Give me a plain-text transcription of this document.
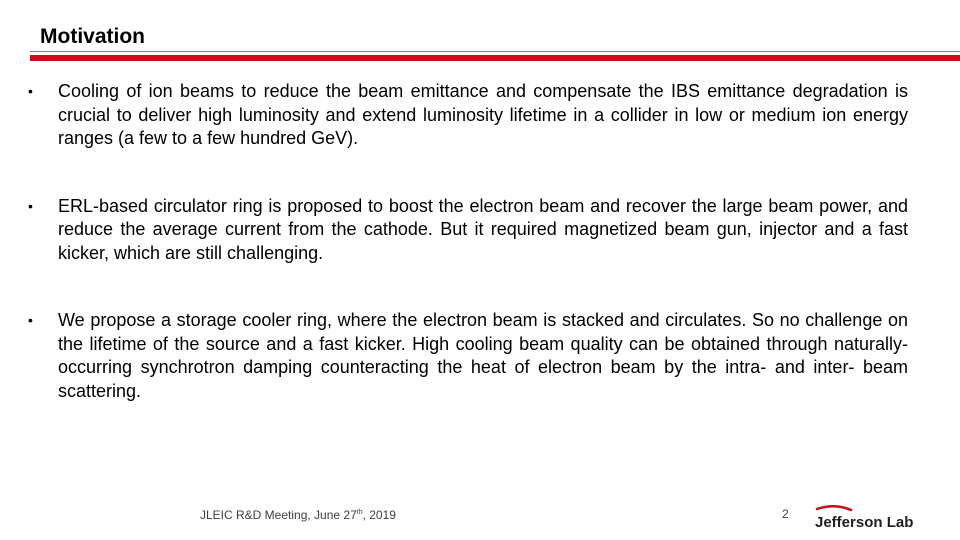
Motivation
• Cooling of ion beams to reduce the beam emittance and compensate the IBS emittance degradation is crucial to deliver high luminosity and extend luminosity lifetime in a collider in low or medium ion energy ranges (a few to a few hundred GeV).
• ERL-based circulator ring is proposed to boost the electron beam and recover the large beam power, and reduce the average current from the cathode. But it required magnetized beam gun, injector and a fast kicker, which are still challenging.
• We propose a storage cooler ring, where the electron beam is stacked and circulates. So no challenge on the lifetime of the source and a fast kicker. High cooling beam quality can be obtained through naturally-occurring synchrotron damping counteracting the heat of electron beam by the intra- and inter- beam scattering.
JLEIC R&D Meeting, June 27th, 2019	2 Jefferson Lab
